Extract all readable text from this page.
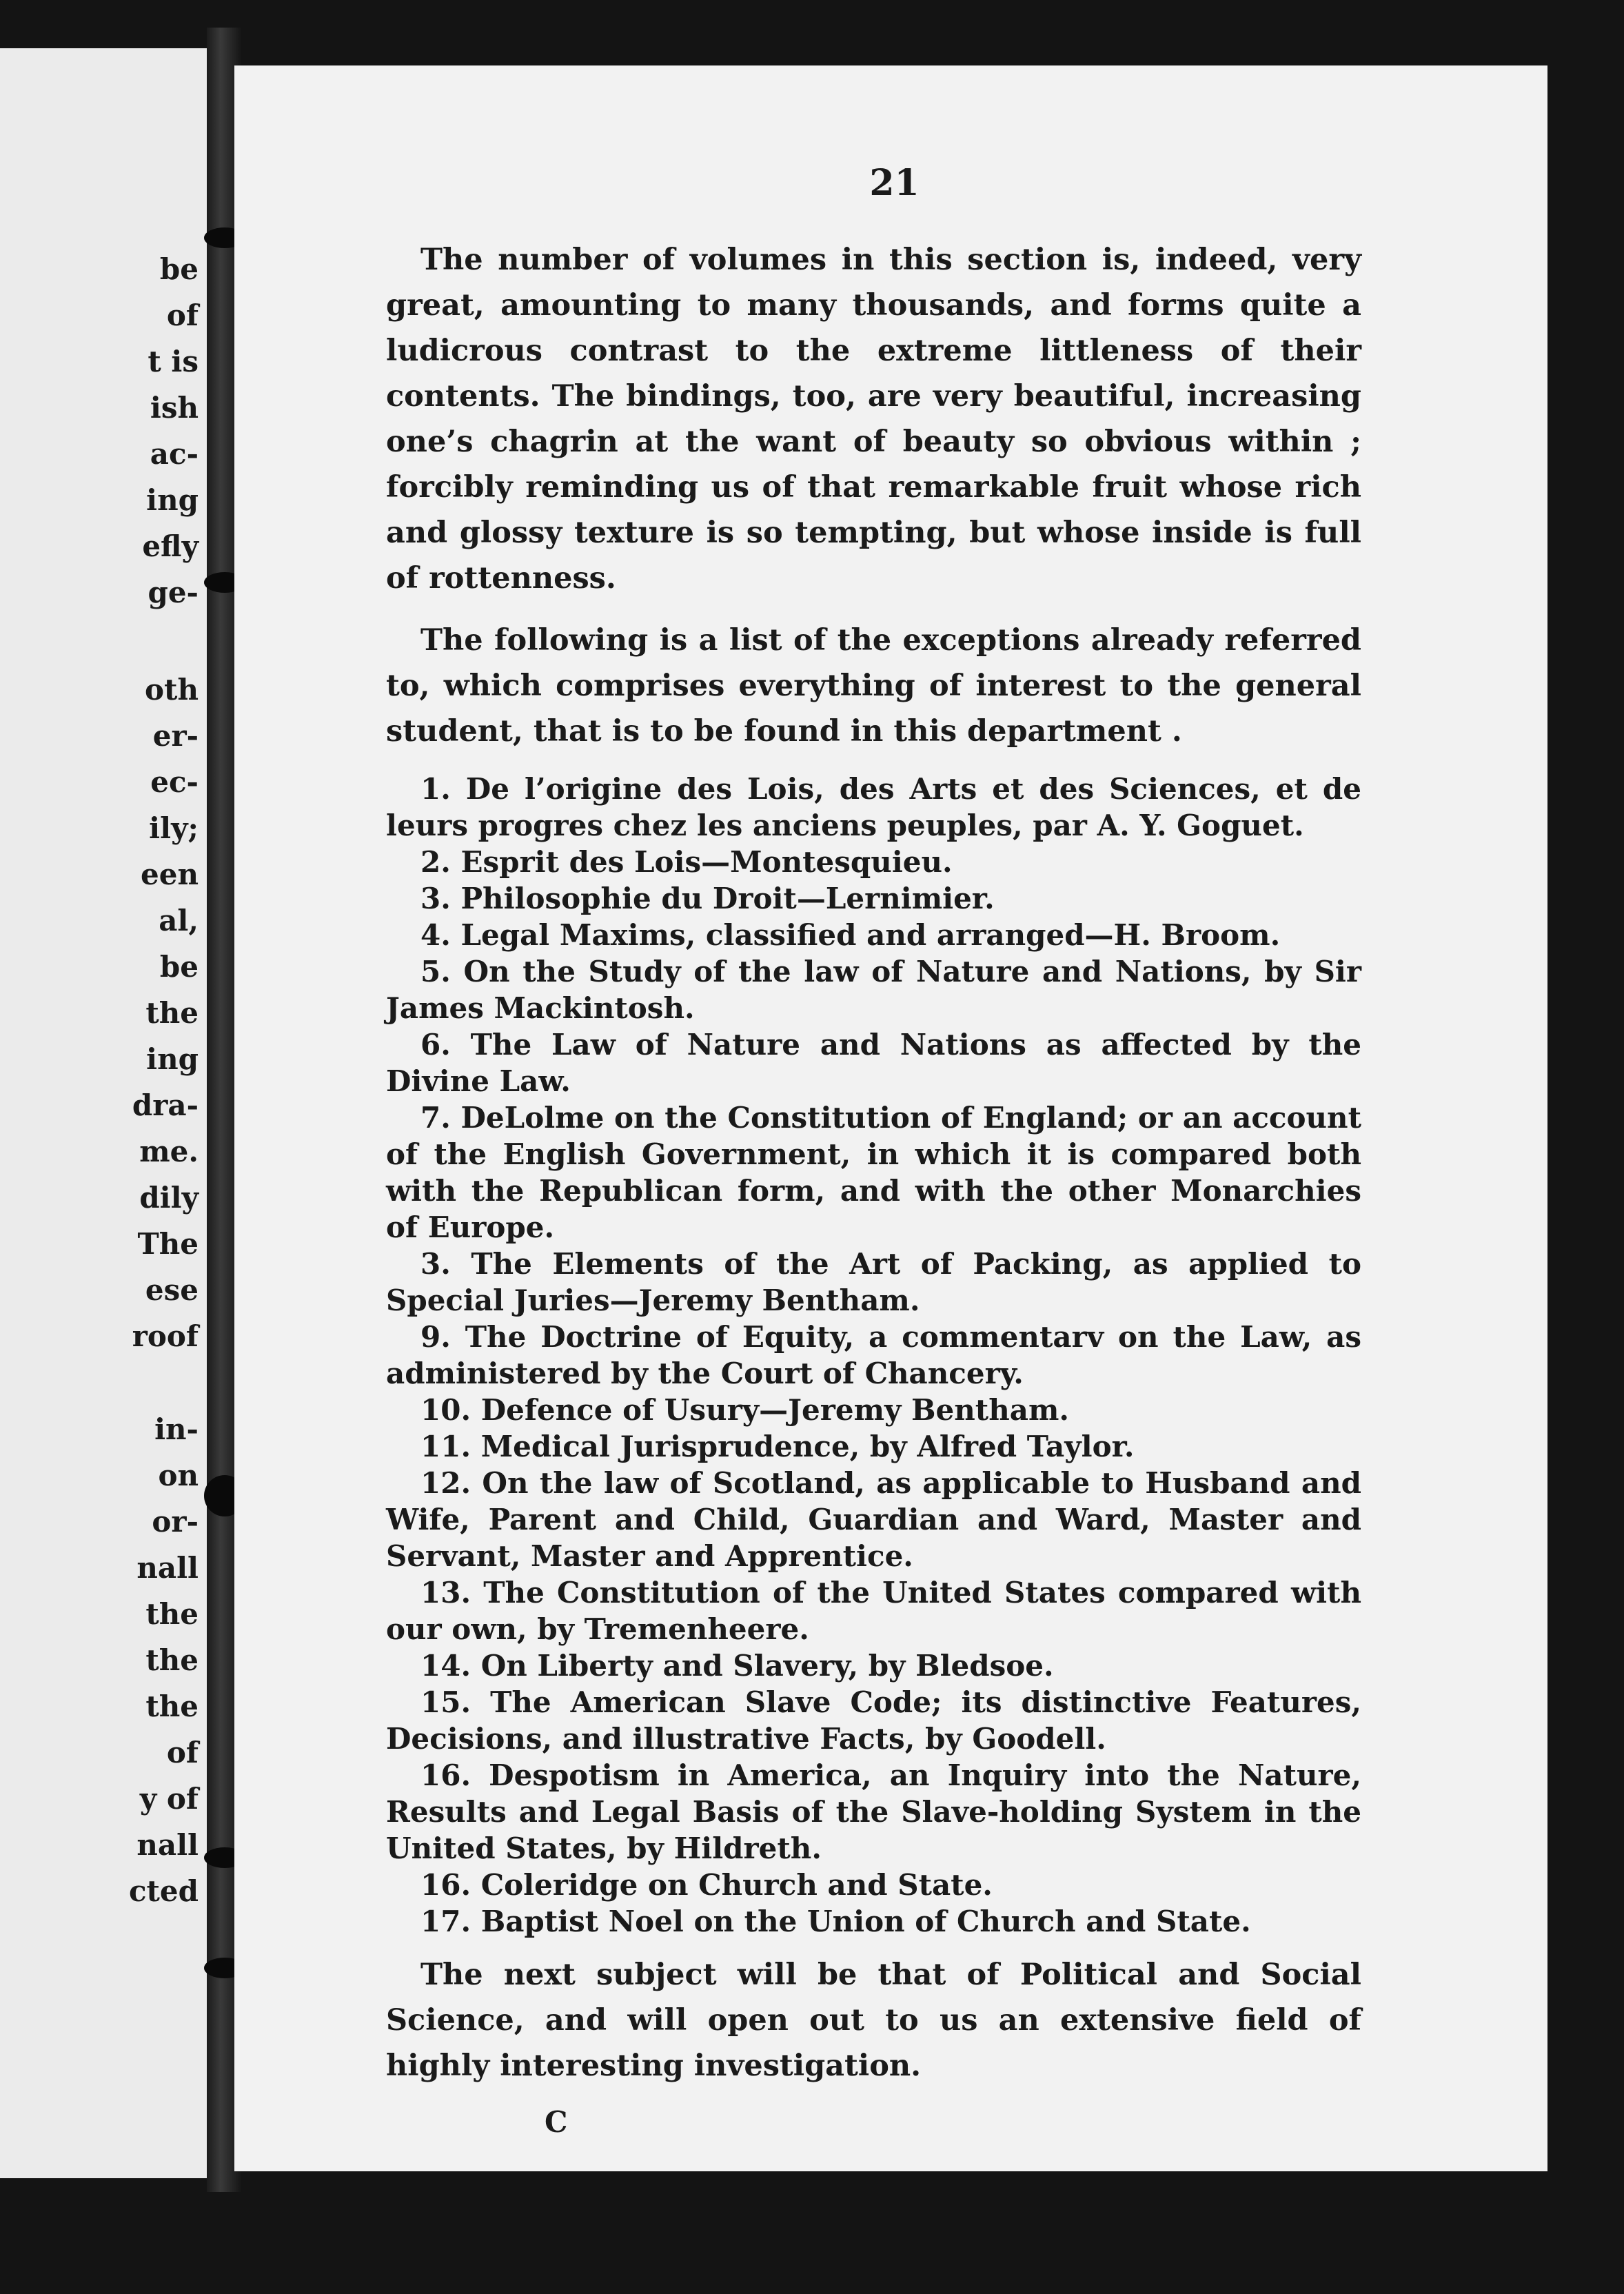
be
of
t is
ish
ac-
ing
efly
ge-
oth
er-
ec-
ily;
een
al,
be
the
ing
dra-
me.
dily
The
ese
roof
in-
on
or-
nall
the
the
the
of
y of
nall
cted
21

The number of volumes in this section is, indeed, very great, amounting to many thousands, and forms quite a ludicrous contrast to the extreme littleness of their contents. The bindings, too, are very beautiful, increasing one’s chagrin at the want of beauty so obvious within ; forcibly reminding us of that remarkable fruit whose rich and glossy texture is so tempting, but whose inside is full of rottenness.

The following is a list of the exceptions already referred to, which comprises everything of interest to the general student, that is to be found in this department .

1. De l’origine des Lois, des Arts et des Sciences, et de leurs progres chez les anciens peuples, par A. Y. Goguet.
2. Esprit des Lois—Montesquieu.
3. Philosophie du Droit—Lernimier.
4. Legal Maxims, classified and arranged—H. Broom.
5. On the Study of the law of Nature and Nations, by Sir James Mackintosh.
6. The Law of Nature and Nations as affected by the Divine Law.
7. DeLolme on the Constitution of England; or an account of the English Government, in which it is compared both with the Republican form, and with the other Monarchies of Europe.
3. The Elements of the Art of Packing, as applied to Special Juries—Jeremy Bentham.
9. The Doctrine of Equity, a commentarv on the Law, as administered by the Court of Chancery.
10. Defence of Usury—Jeremy Bentham.
11. Medical Jurisprudence, by Alfred Taylor.
12. On the law of Scotland, as applicable to Husband and Wife, Parent and Child, Guardian and Ward, Master and Servant, Master and Apprentice.
13. The Constitution of the United States compared with our own, by Tremenheere.
14. On Liberty and Slavery, by Bledsoe.
15. The American Slave Code; its distinctive Features, Decisions, and illustrative Facts, by Goodell.
16. Despotism in America, an Inquiry into the Nature, Results and Legal Basis of the Slave-holding System in the United States, by Hildreth.
16. Coleridge on Church and State.
17. Baptist Noel on the Union of Church and State.

The next subject will be that of Political and Social Science, and will open out to us an extensive field of highly interesting investigation.

C
